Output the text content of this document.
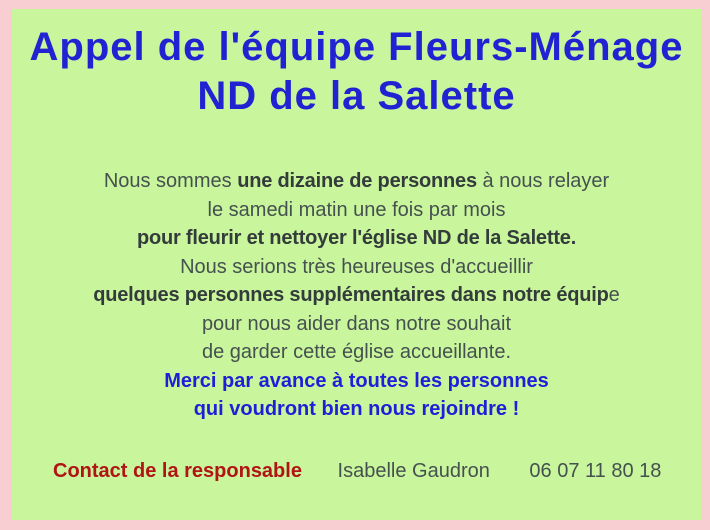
Appel de l'équipe Fleurs-Ménage
ND de la Salette
Nous sommes une dizaine de personnes à nous relayer
le samedi matin une fois par mois
pour fleurir et nettoyer l'église ND de la Salette.
Nous serions très heureuses d'accueillir
quelques personnes supplémentaires dans notre équipe
pour nous aider dans notre souhait
de garder cette église accueillante.
Merci par avance à toutes les personnes
qui voudront bien nous rejoindre !
Contact de la responsable Isabelle Gaudron 06 07 11 80 18
